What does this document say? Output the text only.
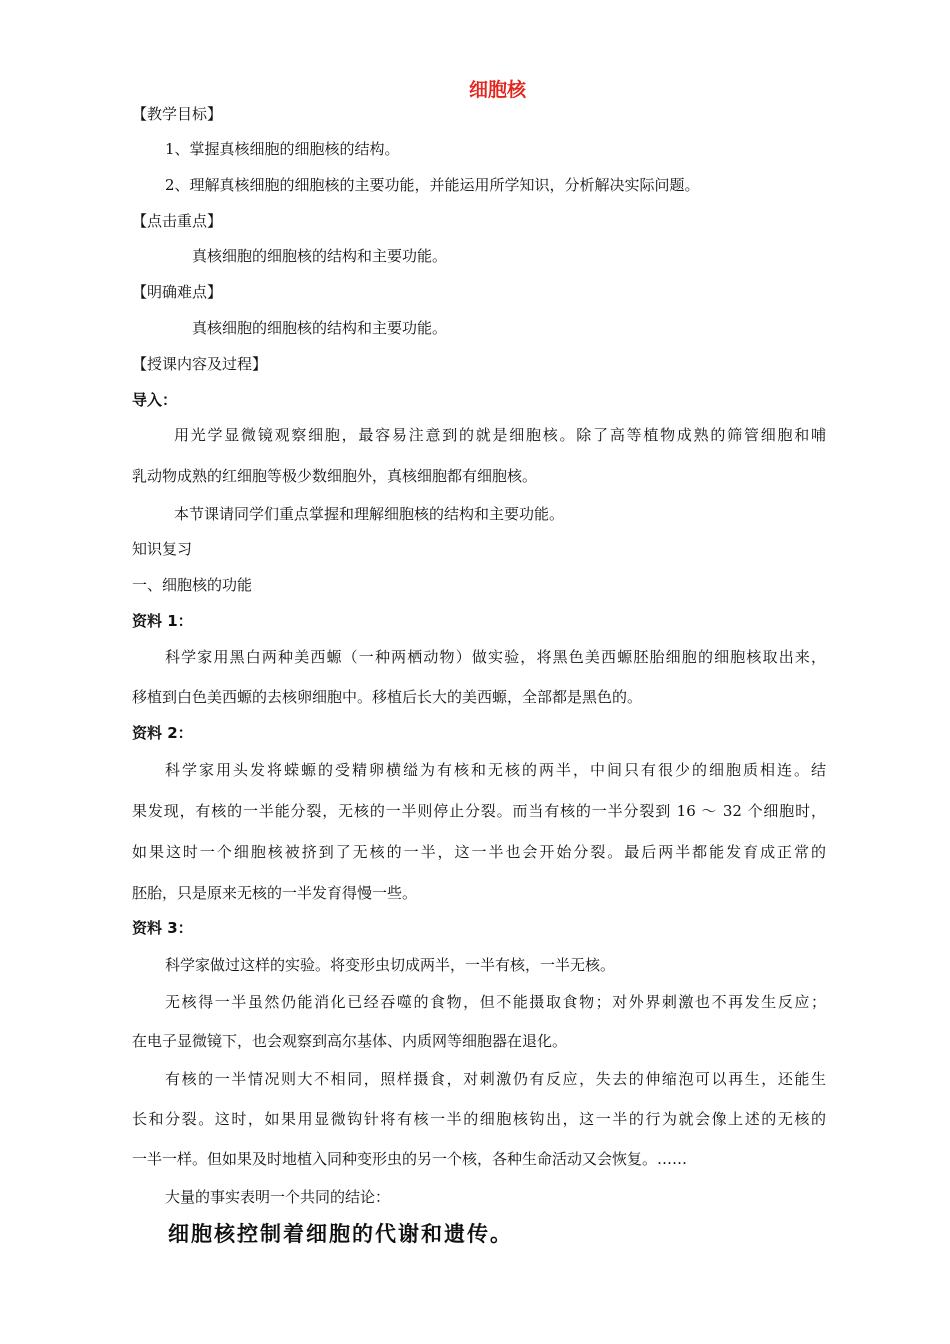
细胞核
【教学目标】
1、掌握真核细胞的细胞核的结构。
2、理解真核细胞的细胞核的主要功能，并能运用所学知识，分析解决实际问题。
【点击重点】
真核细胞的细胞核的结构和主要功能。
【明确难点】
真核细胞的细胞核的结构和主要功能。
【授课内容及过程】
导入：
用光学显微镜观察细胞，最容易注意到的就是细胞核。除了高等植物成熟的筛管细胞和哺
乳动物成熟的红细胞等极少数细胞外，真核细胞都有细胞核。
本节课请同学们重点掌握和理解细胞核的结构和主要功能。
知识复习
一、细胞核的功能
资料 1：
科学家用黑白两种美西螈（一种两栖动物）做实验，将黑色美西螈胚胎细胞的细胞核取出来，
移植到白色美西螈的去核卵细胞中。移植后长大的美西螈，全部都是黑色的。
资料 2：
科学家用头发将蝾螈的受精卵横缢为有核和无核的两半，中间只有很少的细胞质相连。结
果发现，有核的一半能分裂，无核的一半则停止分裂。而当有核的一半分裂到 16 ～ 32 个细胞时，
如果这时一个细胞核被挤到了无核的一半，这一半也会开始分裂。最后两半都能发育成正常的
胚胎，只是原来无核的一半发育得慢一些。
资料 3：
科学家做过这样的实验。将变形虫切成两半，一半有核，一半无核。
无核得一半虽然仍能消化已经吞噬的食物，但不能摄取食物；对外界刺激也不再发生反应；
在电子显微镜下，也会观察到高尔基体、内质网等细胞器在退化。
有核的一半情况则大不相同，照样摄食，对刺激仍有反应，失去的伸缩泡可以再生，还能生
长和分裂。这时，如果用显微钩针将有核一半的细胞核钩出，这一半的行为就会像上述的无核的
一半一样。但如果及时地植入同种变形虫的另一个核，各种生命活动又会恢复。……
大量的事实表明一个共同的结论：
细胞核控制着细胞的代谢和遗传。
